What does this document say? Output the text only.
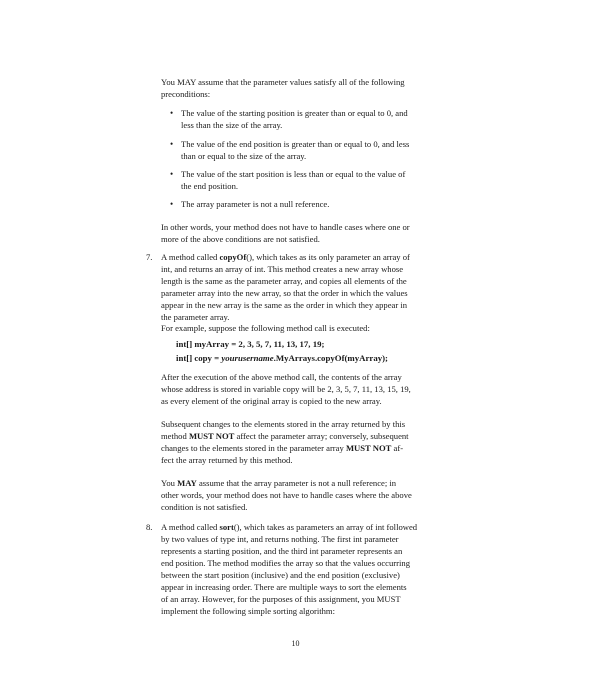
You MAY assume that the parameter values satisfy all of the following

preconditions:

• The value of the starting position is greater than or equal to 0, and
less than the size of the array.
• The value of the end position is greater than or equal to 0, and less
than or equal to the size of the array.
• The value of the start position is less than or equal to the value of
the end position.
• The array parameter is not a null reference.

In other words, your method does not have to handle cases where one or

more of the above conditions are not satisfied.

7. A method called copyOf(), which takes as its only parameter an array of

int, and returns an array of int. This method creates a new array whose

length is the same as the parameter array, and copies all elements of the

parameter array into the new array, so that the order in which the values

appear in the new array is the same as the order in which they appear in

the parameter array.

For example, suppose the following method call is executed:

int[] myArray = 2, 3, 5, 7, 11, 13, 17, 19;
int[] copy = yourusername.MyArrays.copyOf(myArray);

After the execution of the above method call, the contents of the array

whose address is stored in variable copy will be 2, 3, 5, 7, 11, 13, 15, 19,

as every element of the original array is copied to the new array.

Subsequent changes to the elements stored in the array returned by this

method MUST NOT affect the parameter array; conversely, subsequent

changes to the elements stored in the parameter array MUST NOT af-

fect the array returned by this method.

You MAY assume that the array parameter is not a null reference; in

other words, your method does not have to handle cases where the above

condition is not satisfied.

8. A method called sort(), which takes as parameters an array of int followed

by two values of type int, and returns nothing. The first int parameter

represents a starting position, and the third int parameter represents an

end position. The method modifies the array so that the values occurring

between the start position (inclusive) and the end position (exclusive)

appear in increasing order. There are multiple ways to sort the elements

of an array. However, for the purposes of this assignment, you MUST

implement the following simple sorting algorithm:

10
